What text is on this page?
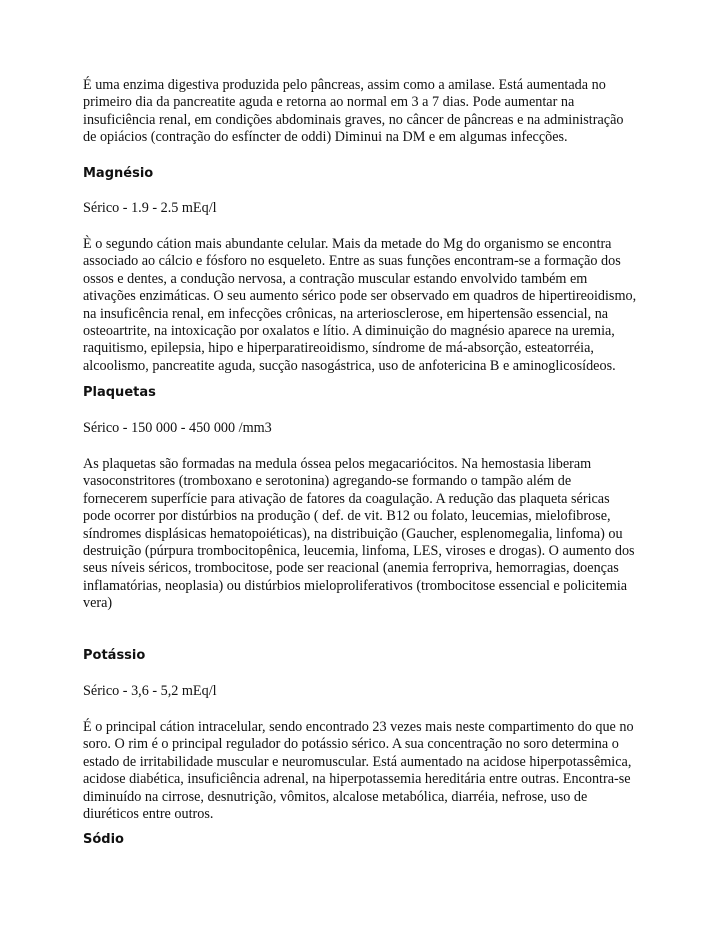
É uma enzima digestiva produzida pelo pâncreas, assim como a amilase. Está aumentada no
primeiro dia da pancreatite aguda e retorna ao normal em 3 a 7 dias. Pode aumentar na
insuficiência renal, em condições abdominais graves, no câncer de pâncreas e na administração
de opiácios (contração do esfíncter de oddi) Diminui na DM e em algumas infecções.

Magnésio

Sérico - 1.9 - 2.5 mEq/l

È o segundo cátion mais abundante celular. Mais da metade do Mg do organismo se encontra
associado ao cálcio e fósforo no esqueleto. Entre as suas funções encontram-se a formação dos
ossos e dentes, a condução nervosa, a contração muscular estando envolvido também em
ativações enzimáticas. O seu aumento sérico pode ser observado em quadros de hipertireoidismo,
na insuficência renal, em infecções crônicas, na arteriosclerose, em hipertensão essencial, na
osteoartrite, na intoxicação por oxalatos e lítio. A diminuição do magnésio aparece na uremia,
raquitismo, epilepsia, hipo e hiperparatireoidismo, síndrome de má-absorção, esteatorréia,
alcoolismo, pancreatite aguda, sucção nasogástrica, uso de anfotericina B e aminoglicosídeos.

Plaquetas

Sérico - 150 000 - 450 000 /mm3

As plaquetas são formadas na medula óssea pelos megacariócitos. Na hemostasia liberam
vasoconstritores (tromboxano e serotonina) agregando-se formando o tampão além de
fornecerem superfície para ativação de fatores da coagulação. A redução das plaqueta séricas
pode ocorrer por distúrbios na produção ( def. de vit. B12 ou folato, leucemias, mielofibrose,
síndromes displásicas hematopoiéticas), na distribuição (Gaucher, esplenomegalia, linfoma) ou
destruição (púrpura trombocitopênica, leucemia, linfoma, LES, viroses e drogas). O aumento dos
seus níveis séricos, trombocitose, pode ser reacional (anemia ferropriva, hemorragias, doenças
inflamatórias, neoplasia) ou distúrbios mieloproliferativos (trombocitose essencial e policitemia
vera)

Potássio

Sérico - 3,6 - 5,2 mEq/l

É o principal cátion intracelular, sendo encontrado 23 vezes mais neste compartimento do que no
soro. O rim é o principal regulador do potássio sérico. A sua concentração no soro determina o
estado de irritabilidade muscular e neuromuscular. Está aumentado na acidose hiperpotassêmica,
acidose diabética, insuficiência adrenal, na hiperpotassemia hereditária entre outras. Encontra-se
diminuído na cirrose, desnutrição, vômitos, alcalose metabólica, diarréia, nefrose, uso de
diuréticos entre outros.

Sódio
